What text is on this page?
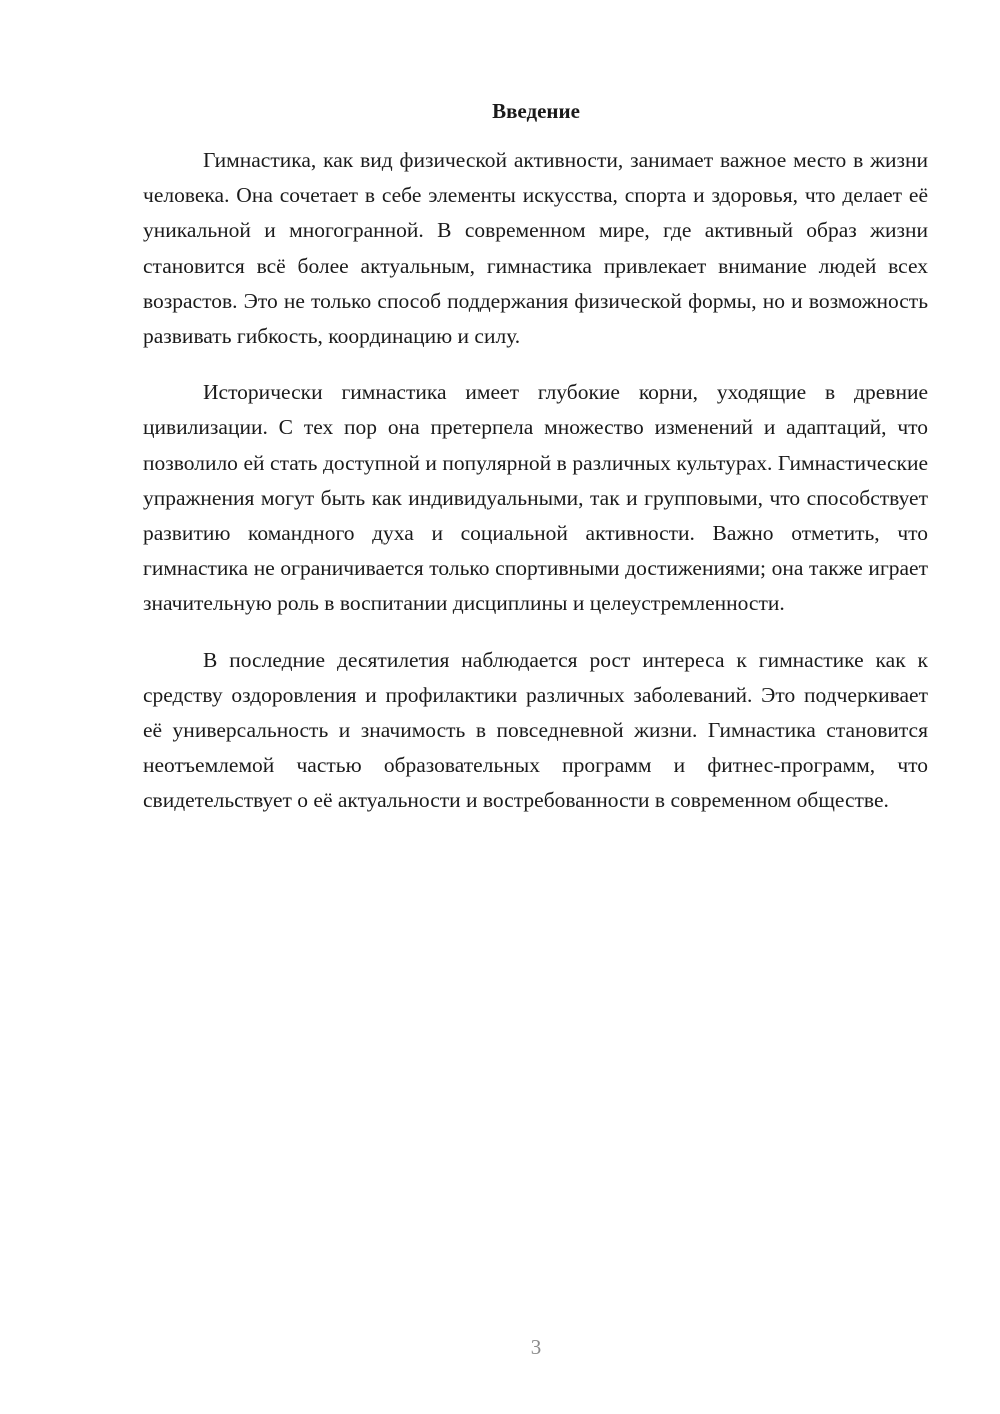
Введение

Гимнастика, как вид физической активности, занимает важное место в жизни человека. Она сочетает в себе элементы искусства, спорта и здоровья, что делает её уникальной и многогранной. В современном мире, где активный образ жизни становится всё более актуальным, гимнастика привлекает внимание людей всех возрастов. Это не только способ поддержания физической формы, но и возможность развивать гибкость, координацию и силу.

Исторически гимнастика имеет глубокие корни, уходящие в древние цивилизации. С тех пор она претерпела множество изменений и адаптаций, что позволило ей стать доступной и популярной в различных культурах. Гимнастические упражнения могут быть как индивидуальными, так и групповыми, что способствует развитию командного духа и социальной активности. Важно отметить, что гимнастика не ограничивается только спортивными достижениями; она также играет значительную роль в воспитании дисциплины и целеустремленности.

В последние десятилетия наблюдается рост интереса к гимнастике как к средству оздоровления и профилактики различных заболеваний. Это подчеркивает её универсальность и значимость в повседневной жизни. Гимнастика становится неотъемлемой частью образовательных программ и фитнес-программ, что свидетельствует о её актуальности и востребованности в современном обществе.

3
